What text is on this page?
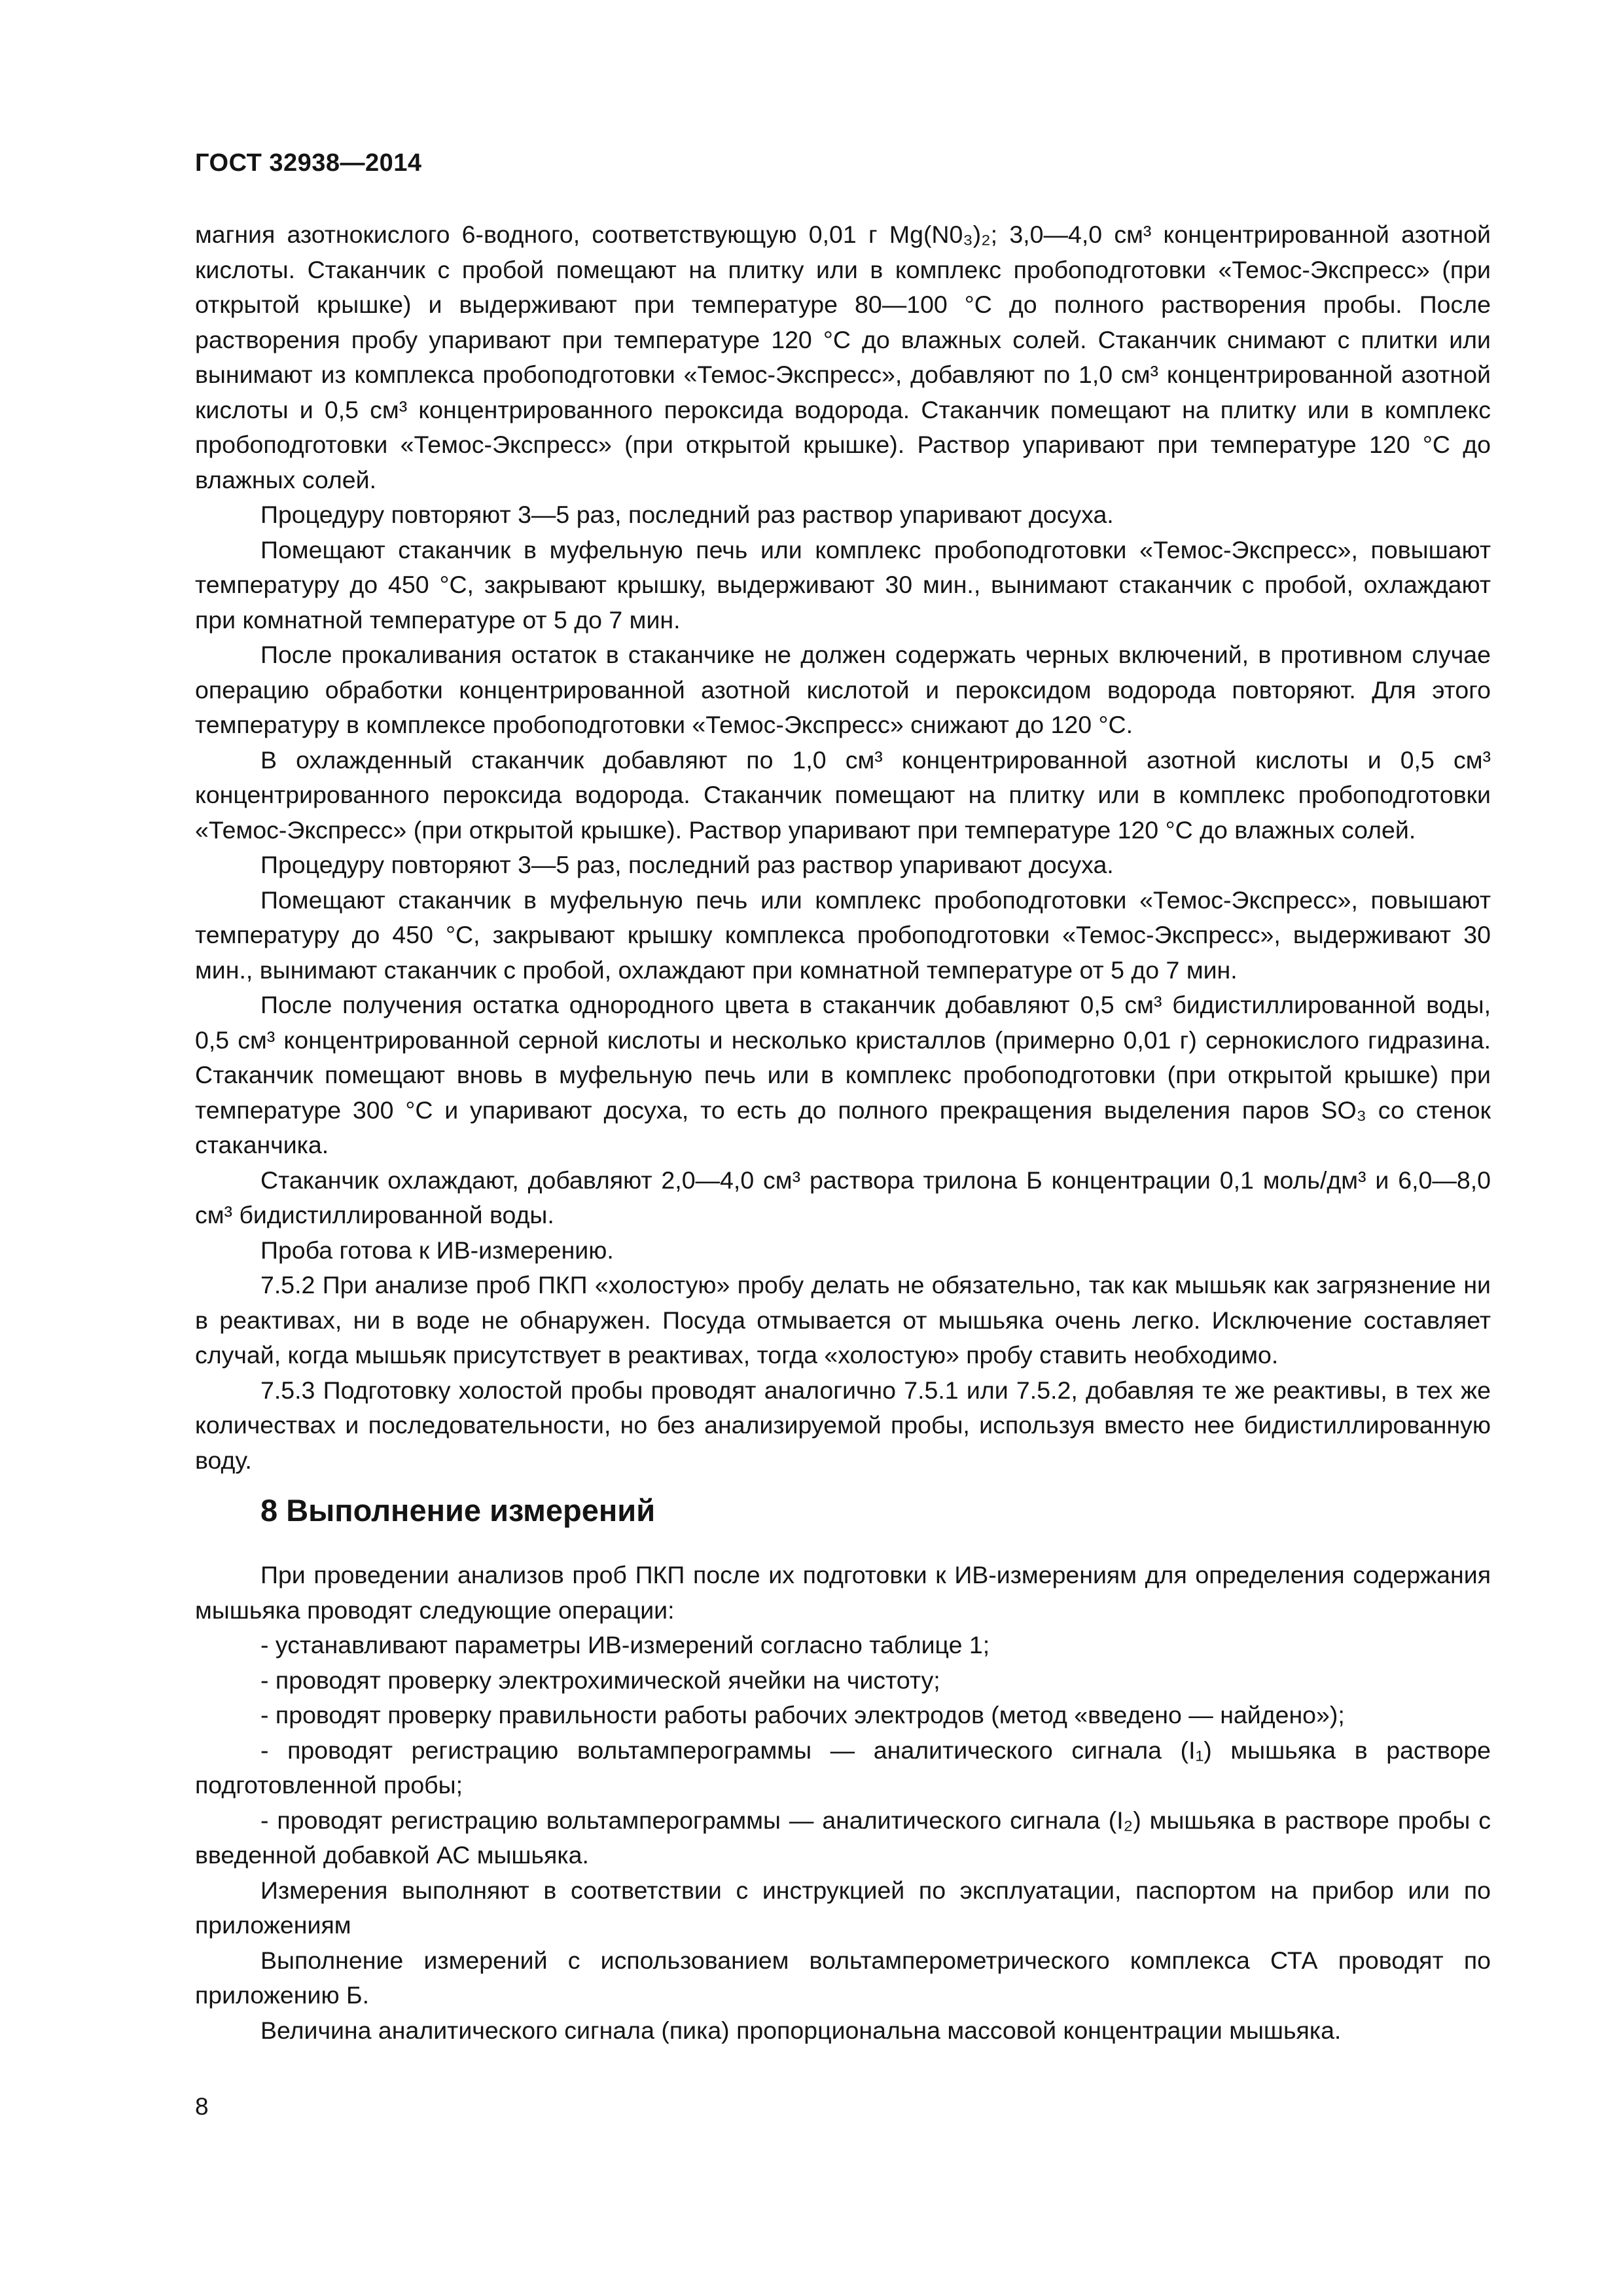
ГОСТ 32938—2014

магния азотнокислого 6-водного, соответствующую 0,01 г Mg(N0₃)₂; 3,0—4,0 см³ концентрированной азотной кислоты. Стаканчик с пробой помещают на плитку или в комплекс пробоподготовки «Темос-Экспресс» (при открытой крышке) и выдерживают при температуре 80—100 °С до полного растворения пробы. После растворения пробу упаривают при температуре 120 °С до влажных солей. Стаканчик снимают с плитки или вынимают из комплекса пробоподготовки «Темос-Экспресс», добавляют по 1,0 см³ концентрированной азотной кислоты и 0,5 см³ концентрированного пероксида водорода. Стаканчик помещают на плитку или в комплекс пробоподготовки «Темос-Экспресс» (при открытой крышке). Раствор упаривают при температуре 120 °С до влажных солей.

Процедуру повторяют 3—5 раз, последний раз раствор упаривают досуха.

Помещают стаканчик в муфельную печь или комплекс пробоподготовки «Темос-Экспресс», повышают температуру до 450 °С, закрывают крышку, выдерживают 30 мин., вынимают стаканчик с пробой, охлаждают при комнатной температуре от 5 до 7 мин.

После прокаливания остаток в стаканчике не должен содержать черных включений, в противном случае операцию обработки концентрированной азотной кислотой и пероксидом водорода повторяют. Для этого температуру в комплексе пробоподготовки «Темос-Экспресс» снижают до 120 °С.

В охлажденный стаканчик добавляют по 1,0 см³ концентрированной азотной кислоты и 0,5 см³ концентрированного пероксида водорода. Стаканчик помещают на плитку или в комплекс пробоподготовки «Темос-Экспресс» (при открытой крышке). Раствор упаривают при температуре 120 °С до влажных солей.

Процедуру повторяют 3—5 раз, последний раз раствор упаривают досуха.

Помещают стаканчик в муфельную печь или комплекс пробоподготовки «Темос-Экспресс», повышают температуру до 450 °С, закрывают крышку комплекса пробоподготовки «Темос-Экспресс», выдерживают 30 мин., вынимают стаканчик с пробой, охлаждают при комнатной температуре от 5 до 7 мин.

После получения остатка однородного цвета в стаканчик добавляют 0,5 см³ бидистиллированной воды, 0,5 см³ концентрированной серной кислоты и несколько кристаллов (примерно 0,01 г) сернокислого гидразина. Стаканчик помещают вновь в муфельную печь или в комплекс пробоподготовки (при открытой крышке) при температуре 300 °С и упаривают досуха, то есть до полного прекращения выделения паров SO₃ со стенок стаканчика.

Стаканчик охлаждают, добавляют 2,0—4,0 см³ раствора трилона Б концентрации 0,1 моль/дм³ и 6,0—8,0 см³ бидистиллированной воды.

Проба готова к ИВ-измерению.

7.5.2 При анализе проб ПКП «холостую» пробу делать не обязательно, так как мышьяк как загрязнение ни в реактивах, ни в воде не обнаружен. Посуда отмывается от мышьяка очень легко. Исключение составляет случай, когда мышьяк присутствует в реактивах, тогда «холостую» пробу ставить необходимо.

7.5.3 Подготовку холостой пробы проводят аналогично 7.5.1 или 7.5.2, добавляя те же реактивы, в тех же количествах и последовательности, но без анализируемой пробы, используя вместо нее бидистиллированную воду.

8 Выполнение измерений

При проведении анализов проб ПКП после их подготовки к ИВ-измерениям для определения содержания мышьяка проводят следующие операции:

- устанавливают параметры ИВ-измерений согласно таблице 1;

- проводят проверку электрохимической ячейки на чистоту;

- проводят проверку правильности работы рабочих электродов (метод «введено — найдено»);

- проводят регистрацию вольтамперограммы — аналитического сигнала (I₁) мышьяка в растворе подготовленной пробы;

- проводят регистрацию вольтамперограммы — аналитического сигнала (I₂) мышьяка в растворе пробы с введенной добавкой АС мышьяка.

Измерения выполняют в соответствии с инструкцией по эксплуатации, паспортом на прибор или по приложениям

Выполнение измерений с использованием вольтамперометрического комплекса СТА проводят по приложению Б.

Величина аналитического сигнала (пика) пропорциональна массовой концентрации мышьяка.

8
